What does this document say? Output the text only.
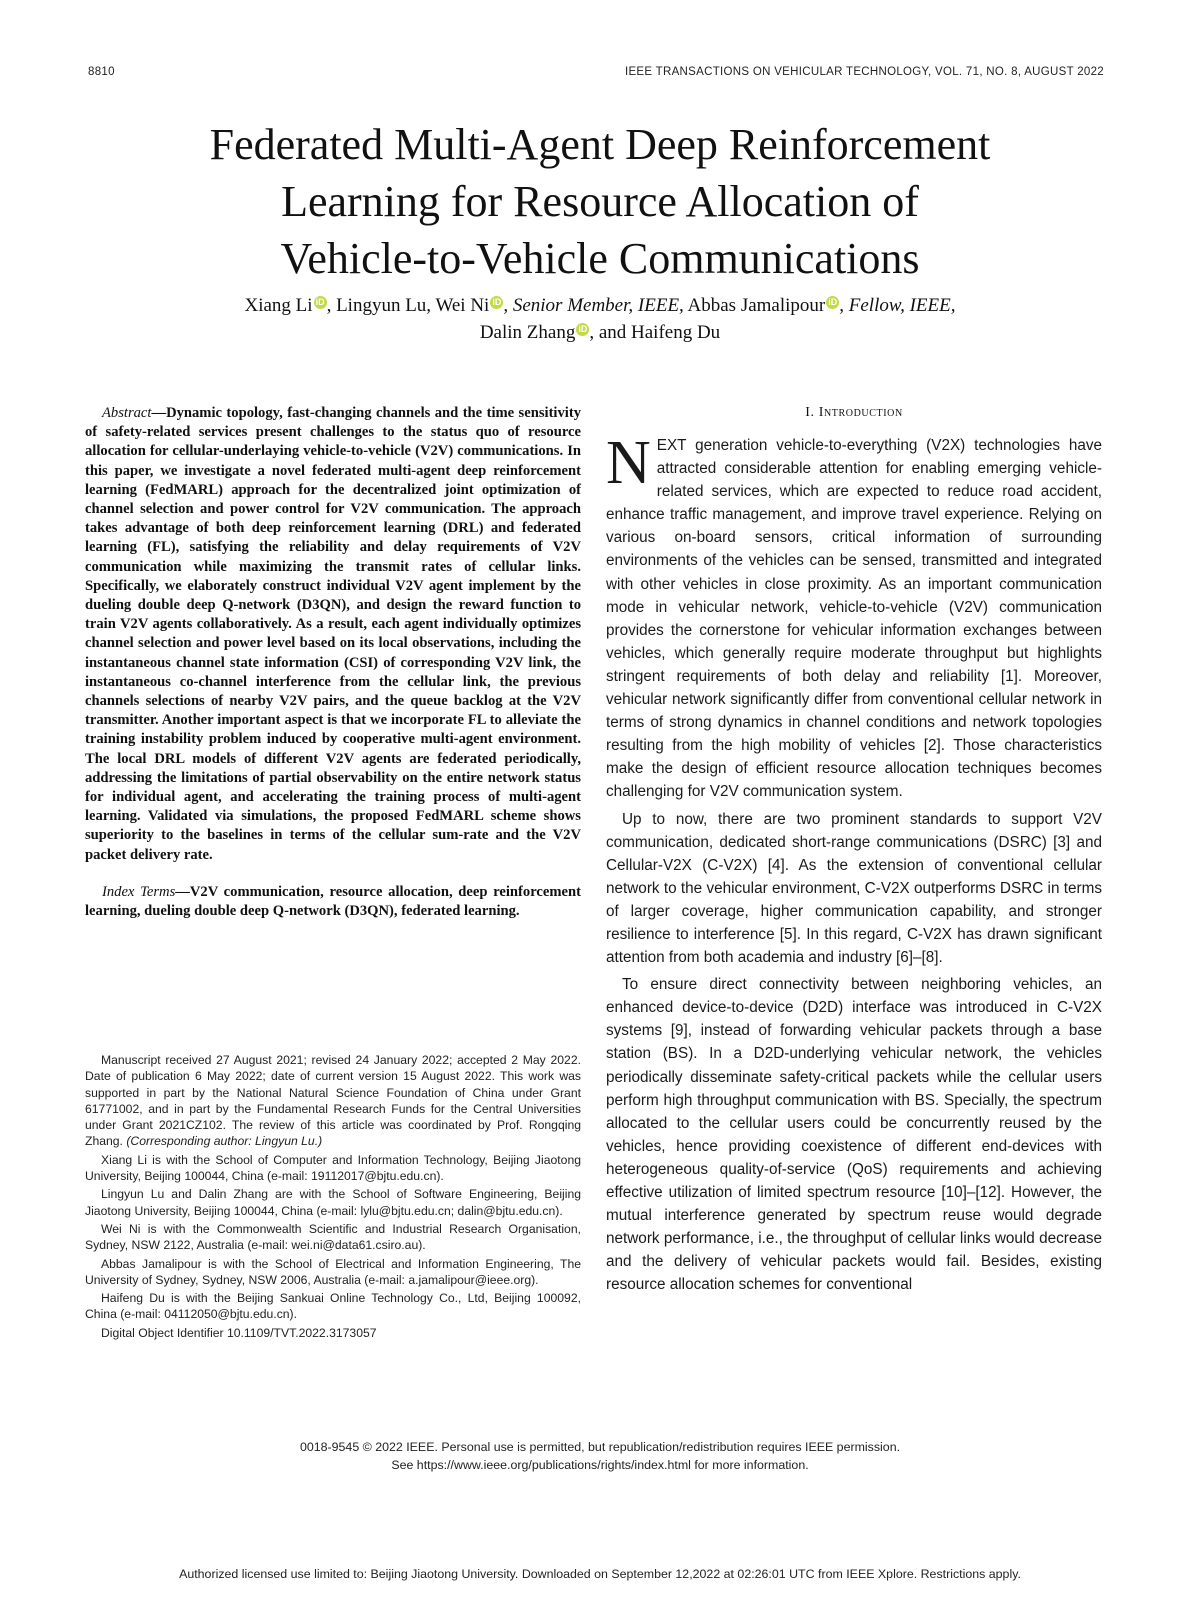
8810	IEEE TRANSACTIONS ON VEHICULAR TECHNOLOGY, VOL. 71, NO. 8, AUGUST 2022
Federated Multi-Agent Deep Reinforcement
Learning for Resource Allocation of
Vehicle-to-Vehicle Communications
Xiang Li iD , Lingyun Lu, Wei Ni iD , Senior Member, IEEE, Abbas Jamalipour iD , Fellow, IEEE,
Dalin Zhang iD , and Haifeng Du

Abstract—Dynamic topology, fast-changing channels and the time sensitivity of safety-related services present challenges to the status quo of resource allocation for cellular-underlaying vehicle-to-vehicle (V2V) communications. In this paper, we investigate a novel federated multi-agent deep reinforcement learning (FedMARL) approach for the decentralized joint optimization of channel selection and power control for V2V communication. The approach takes advantage of both deep reinforcement learning (DRL) and federated learning (FL), satisfying the reliability and delay requirements of V2V communication while maximizing the transmit rates of cellular links. Specifically, we elaborately construct individual V2V agent implement by the dueling double deep Q-network (D3QN), and design the reward function to train V2V agents collaboratively. As a result, each agent individually optimizes channel selection and power level based on its local observations, including the instantaneous channel state information (CSI) of corresponding V2V link, the instantaneous co-channel interference from the cellular link, the previous channels selections of nearby V2V pairs, and the queue backlog at the V2V transmitter. Another important aspect is that we incorporate FL to alleviate the training instability problem induced by cooperative multi-agent environment. The local DRL models of different V2V agents are federated periodically, addressing the limitations of partial observability on the entire network status for individual agent, and accelerating the training process of multi-agent learning. Validated via simulations, the proposed FedMARL scheme shows superiority to the baselines in terms of the cellular sum-rate and the V2V packet delivery rate.

Index Terms—V2V communication, resource allocation, deep reinforcement learning, dueling double deep Q-network (D3QN), federated learning.

Manuscript received 27 August 2021; revised 24 January 2022; accepted 2 May 2022. Date of publication 6 May 2022; date of current version 15 August 2022. This work was supported in part by the National Natural Science Foundation of China under Grant 61771002, and in part by the Fundamental Research Funds for the Central Universities under Grant 2021CZ102. The review of this article was coordinated by Prof. Rongqing Zhang. (Corresponding author: Lingyun Lu.)

Xiang Li is with the School of Computer and Information Technology, Beijing Jiaotong University, Beijing 100044, China (e-mail: 19112017@bjtu.edu.cn).

Lingyun Lu and Dalin Zhang are with the School of Software Engineering, Beijing Jiaotong University, Beijing 100044, China (e-mail: lylu@bjtu.edu.cn; dalin@bjtu.edu.cn).

Wei Ni is with the Commonwealth Scientific and Industrial Research Organisation, Sydney, NSW 2122, Australia (e-mail: wei.ni@data61.csiro.au).

Abbas Jamalipour is with the School of Electrical and Information Engineering, The University of Sydney, Sydney, NSW 2006, Australia (e-mail: a.jamalipour@ieee.org).

Haifeng Du is with the Beijing Sankuai Online Technology Co., Ltd, Beijing 100092, China (e-mail: 04112050@bjtu.edu.cn).

Digital Object Identifier 10.1109/TVT.2022.3173057

I. Introduction

NEXT generation vehicle-to-everything (V2X) technologies have attracted considerable attention for enabling emerging vehicle-related services, which are expected to reduce road accident, enhance traffic management, and improve travel experience. Relying on various on-board sensors, critical information of surrounding environments of the vehicles can be sensed, transmitted and integrated with other vehicles in close proximity. As an important communication mode in vehicular network, vehicle-to-vehicle (V2V) communication provides the cornerstone for vehicular information exchanges between vehicles, which generally require moderate throughput but highlights stringent requirements of both delay and reliability [1]. Moreover, vehicular network significantly differ from conventional cellular network in terms of strong dynamics in channel conditions and network topologies resulting from the high mobility of vehicles [2]. Those characteristics make the design of efficient resource allocation techniques becomes challenging for V2V communication system.

Up to now, there are two prominent standards to support V2V communication, dedicated short-range communications (DSRC) [3] and Cellular-V2X (C-V2X) [4]. As the extension of conventional cellular network to the vehicular environment, C-V2X outperforms DSRC in terms of larger coverage, higher communication capability, and stronger resilience to interference [5]. In this regard, C-V2X has drawn significant attention from both academia and industry [6]–[8].

To ensure direct connectivity between neighboring vehicles, an enhanced device-to-device (D2D) interface was introduced in C-V2X systems [9], instead of forwarding vehicular packets through a base station (BS). In a D2D-underlying vehicular network, the vehicles periodically disseminate safety-critical packets while the cellular users perform high throughput communication with BS. Specially, the spectrum allocated to the cellular users could be concurrently reused by the vehicles, hence providing coexistence of different end-devices with heterogeneous quality-of-service (QoS) requirements and achieving effective utilization of limited spectrum resource [10]–[12]. However, the mutual interference generated by spectrum reuse would degrade network performance, i.e., the throughput of cellular links would decrease and the delivery of vehicular packets would fail. Besides, existing resource allocation schemes for conventional

0018-9545 © 2022 IEEE. Personal use is permitted, but republication/redistribution requires IEEE permission.
See https://www.ieee.org/publications/rights/index.html for more information.
Authorized licensed use limited to: Beijing Jiaotong University. Downloaded on September 12,2022 at 02:26:01 UTC from IEEE Xplore. Restrictions apply.
